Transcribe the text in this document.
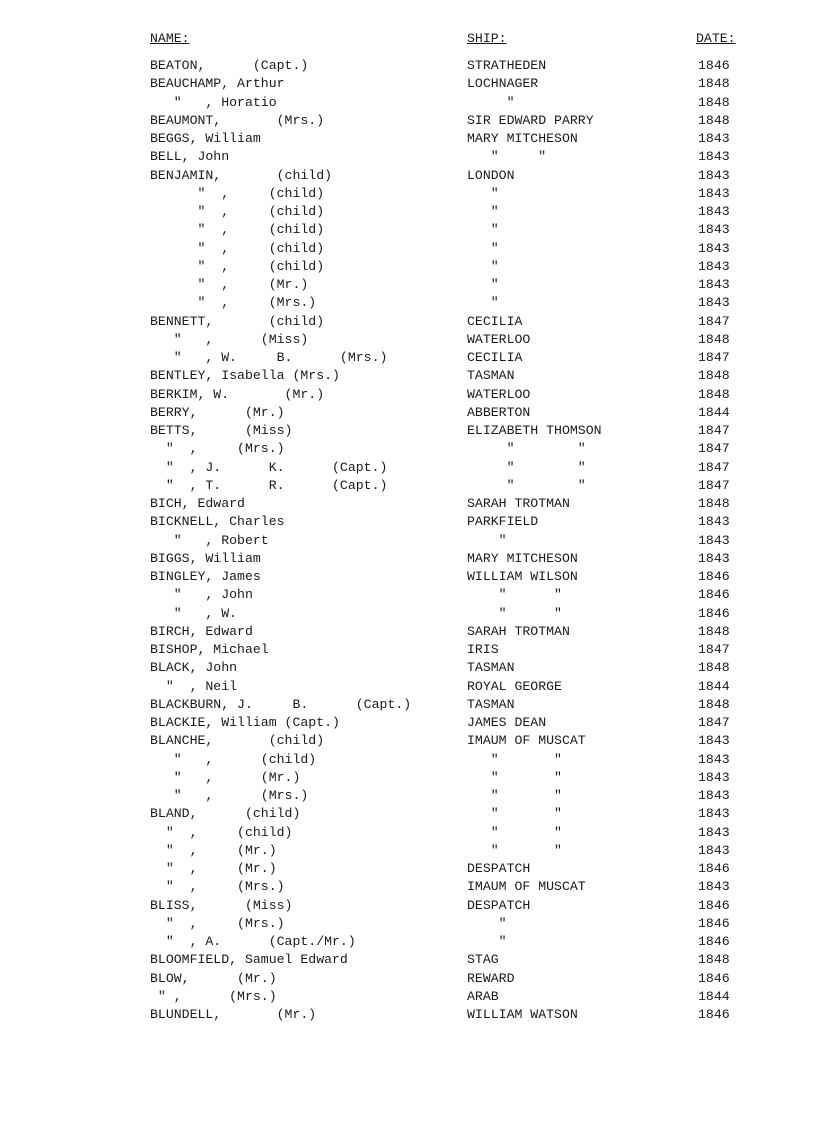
NAME:	SHIP:	DATE:
BEATON,      (Capt.)	STRATHEDEN	1846
BEAUCHAMP, Arthur	LOCHNAGER	1848
"   , Horatio	"	1848
BEAUMONT,       (Mrs.)	SIR EDWARD PARRY	1848
BEGGS, William	MARY MITCHESON	1843
BELL, John	"     "	1843
BENJAMIN,       (child)	LONDON	1843
"  ,     (child)	"	1843
"  ,     (child)	"	1843
"  ,     (child)	"	1843
"  ,     (child)	"	1843
"  ,     (child)	"	1843
"  ,     (Mr.)	"	1843
"  ,     (Mrs.)	"	1843
BENNETT,       (child)	CECILIA	1847
"   ,      (Miss)	WATERLOO	1848
"   , W.     B.      (Mrs.)	CECILIA	1847
BENTLEY, Isabella (Mrs.)	TASMAN	1848
BERKIM, W.       (Mr.)	WATERLOO	1848
BERRY,      (Mr.)	ABBERTON	1844
BETTS,      (Miss)	ELIZABETH THOMSON	1847
"  ,     (Mrs.)	"        "	1847
"  , J.      K.      (Capt.)	"        "	1847
"  , T.      R.      (Capt.)	"        "	1847
BICH, Edward	SARAH TROTMAN	1848
BICKNELL, Charles	PARKFIELD	1843
"   , Robert	"	1843
BIGGS, William	MARY MITCHESON	1843
BINGLEY, James	WILLIAM WILSON	1846
"   , John	"      "	1846
"   , W.	"      "	1846
BIRCH, Edward	SARAH TROTMAN	1848
BISHOP, Michael	IRIS	1847
BLACK, John	TASMAN	1848
"  , Neil	ROYAL GEORGE	1844
BLACKBURN, J.     B.      (Capt.)	TASMAN	1848
BLACKIE, William (Capt.)	JAMES DEAN	1847
BLANCHE,       (child)	IMAUM OF MUSCAT	1843
"   ,      (child)	"       "	1843
"   ,      (Mr.)	"       "	1843
"   ,      (Mrs.)	"       "	1843
BLAND,      (child)	"       "	1843
"  ,     (child)	"       "	1843
"  ,     (Mr.)	"       "	1843
"  ,     (Mr.)	DESPATCH	1846
"  ,     (Mrs.)	IMAUM OF MUSCAT	1843
BLISS,      (Miss)	DESPATCH	1846
"  ,     (Mrs.)	"	1846
"  , A.      (Capt./Mr.)	"	1846
BLOOMFIELD, Samuel Edward	STAG	1848
BLOW,      (Mr.)	REWARD	1846
" ,      (Mrs.)	ARAB	1844
BLUNDELL,       (Mr.)	WILLIAM WATSON	1846
